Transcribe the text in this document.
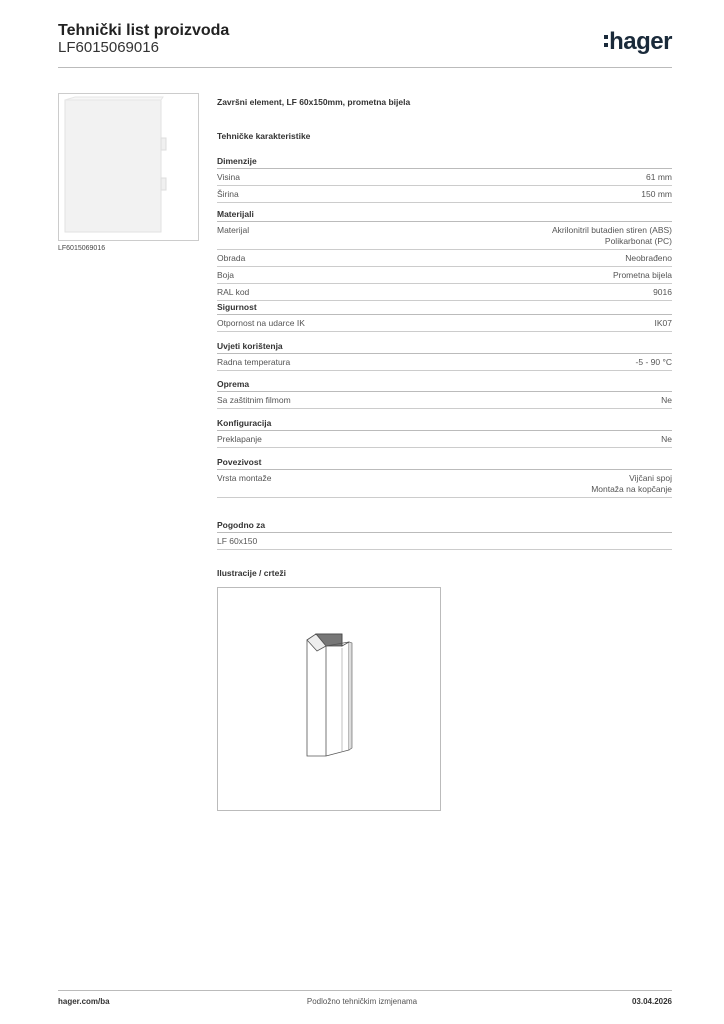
Tehnički list proizvoda
LF6015069016	hager
LF6015069016
Završni element, LF 60x150mm, prometna bijela
Tehničke karakteristike
Dimenzije
Visina	61 mm
Širina	150 mm
Materijali
Materijal	Akrilonitril butadien stiren (ABS)
Polikarbonat (PC)
Obrada	Neobrađeno
Boja	Prometna bijela
RAL kod	9016
Sigurnost
Otpornost na udarce IK	IK07
Uvjeti korištenja
Radna temperatura	-5 - 90 °C
Oprema
Sa zaštitnim filmom	Ne
Konfiguracija
Preklapanje	Ne
Povezivost
Vrsta montaže	Vijčani spoj
Montaža na kopčanje
Pogodno za
LF 60x150
Ilustracije / crteži
hager.com/ba	Podložno tehničkim izmjenama	03.04.2026
